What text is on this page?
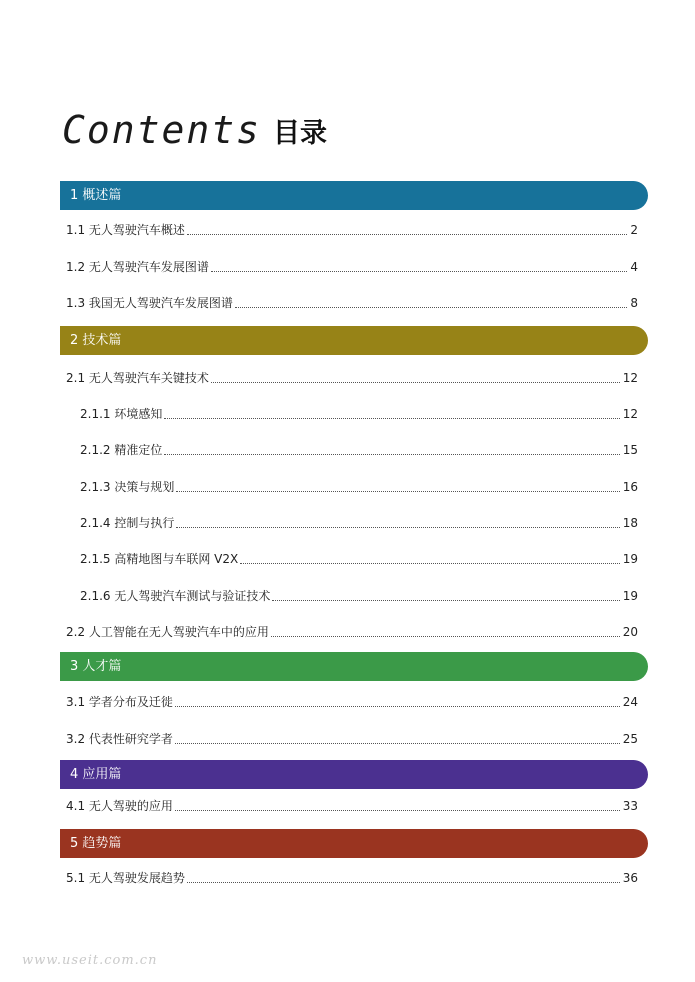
Contents 目录
1 概述篇
1.1 无人驾驶汽车概述	2
1.2 无人驾驶汽车发展图谱	4
1.3 我国无人驾驶汽车发展图谱	8
2 技术篇
2.1 无人驾驶汽车关键技术	12
2.1.1 环境感知	12
2.1.2 精准定位	15
2.1.3 决策与规划	16
2.1.4 控制与执行	18
2.1.5 高精地图与车联网 V2X	19
2.1.6 无人驾驶汽车测试与验证技术	19
2.2 人工智能在无人驾驶汽车中的应用	20
3 人才篇
3.1 学者分布及迁徙	24
3.2 代表性研究学者	25
4 应用篇
4.1 无人驾驶的应用	33
5 趋势篇
5.1 无人驾驶发展趋势	36
www.useit.com.cn
